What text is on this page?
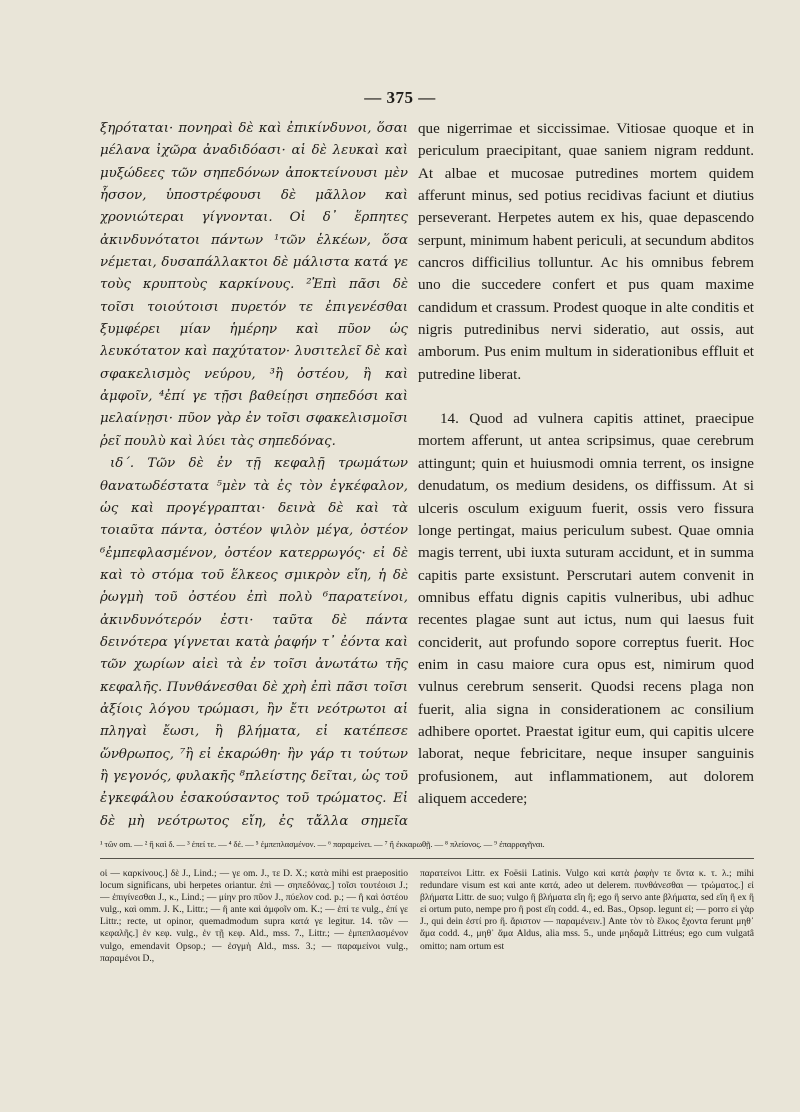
— 375 —

ξηρόταται· πονηραὶ δὲ καὶ ἐπικίνδυνοι, ὅσαι μέλανα ἰχῶρα ἀναδιδόασι· αἱ δὲ λευκαὶ καὶ μυξώδεες τῶν σηπεδόνων ἀποκτείνουσι μὲν ἧσσον, ὑποστρέφουσι δὲ μᾶλλον καὶ χρονιώτεραι γίγνονται. Οἱ δ᾽ ἕρπητες ἀκινδυνότατοι πάντων ¹τῶν ἑλκέων, ὅσα νέμεται, δυσαπάλλακτοι δὲ μάλιστα κατά γε τοὺς κρυπτοὺς καρκίνους. ²Ἐπὶ πᾶσι δὲ τοῖσι τοιούτοισι πυρετόν τε ἐπιγενέσθαι ξυμφέρει μίαν ἡμέρην καὶ πῦον ὡς λευκότατον καὶ παχύτατον· λυσιτελεῖ δὲ καὶ σφακελισμὸς νεύρου, ³ἢ ὀστέου, ἢ καὶ ἀμφοῖν, ⁴ἐπί γε τῇσι βαθείῃσι σηπεδόσι καὶ μελαίνῃσι· πῦον γὰρ ἐν τοῖσι σφακελισμοῖσι ῥεῖ πουλὺ καὶ λύει τὰς σηπεδόνας.

ιδ΄. Τῶν δὲ ἐν τῇ κεφαλῇ τρωμάτων θανατωδέστατα ⁵μὲν τὰ ἐς τὸν ἐγκέφαλον, ὡς καὶ προγέγραπται· δεινὰ δὲ καὶ τὰ τοιαῦτα πάντα, ὀστέον ψιλὸν μέγα, ὀστέον ⁶ἐμπεφλασμένον, ὀστέον κατερρωγός· εἰ δὲ καὶ τὸ στόμα τοῦ ἕλκεος σμικρὸν εἴη, ἡ δὲ ῥωγμὴ τοῦ ὀστέου ἐπὶ πολὺ ⁶παρατείνοι, ἀκινδυνότερόν ἐστι· ταῦτα δὲ πάντα δεινότερα γίγνεται κατὰ ῥαφήν τ᾽ ἐόντα καὶ τῶν χωρίων αἰεὶ τὰ ἐν τοῖσι ἀνωτάτω τῆς κεφαλῆς. Πυνθάνεσθαι δὲ χρὴ ἐπὶ πᾶσι τοῖσι ἀξίοις λόγου τρώμασι, ἢν ἔτι νεότρωτοι αἱ πληγαὶ ἔωσι, ἢ βλήματα, εἰ κατέπεσε ὥνθρωπος, ⁷ἢ εἰ ἐκαρώθη· ἢν γάρ τι τούτων ἢ γεγονός, φυλακῆς ⁸πλείστης δεῖται, ὡς τοῦ ἐγκεφάλου ἐσακούσαντος τοῦ τρώματος. Εἰ δὲ μὴ νεότρωτος εἴη, ἐς τἄλλα σημεῖα

que nigerrimae et siccissimae. Vitiosae quoque et in periculum praecipitant, quae saniem nigram reddunt. At albae et mucosae putredines mortem quidem afferunt minus, sed potius recidivas faciunt et diutius perseverant. Herpetes autem ex his, quae depascendo serpunt, minimum habent periculi, at secundum abditos cancros difficilius tolluntur. Ac his omnibus febrem uno die succedere confert et pus quam maxime candidum et crassum. Prodest quoque in alte conditis et nigris putredinibus nervi sideratio, aut ossis, aut amborum. Pus enim multum in siderationibus effluit et putredine liberat.

14. Quod ad vulnera capitis attinet, praecipue mortem afferunt, ut antea scripsimus, quae cerebrum attingunt; quin et huiusmodi omnia terrent, os insigne denudatum, os medium desidens, os diffissum. At si ulceris osculum exiguum fuerit, ossis vero fissura longe pertingat, maius periculum subest. Quae omnia magis terrent, ubi iuxta suturam accidunt, et in summa capitis parte exsistunt. Perscrutari autem convenit in omnibus effatu dignis capitis vulneribus, ubi adhuc recentes plagae sunt aut ictus, num qui laesus fuit conciderit, aut profundo sopore correptus fuerit. Hoc enim in casu maiore cura opus est, nimirum quod vulnus cerebrum senserit. Quodsi recens plaga non fuerit, alia signa in considerationem ac consilium adhibere oportet. Praestat igitur eum, qui capitis ulcere laborat, neque febricitare, neque insuper sanguinis profusionem, aut inflammationem, aut dolorem aliquem accedere;

¹ τῶν om. — ² ἢ καὶ δ. — ³ ἐπεί τε. — ⁴ δέ. — ⁵ ἐμπεπλασμένον. — ⁶ παραμείνει. — ⁷ ἢ ἐκκαρωθῇ. — ⁸ πλείονος. — ⁹ ἐπαρραγῆναι.

οἱ — καρκίνους.] δὲ J., Lind.; — γε om. J., τε D. X.; κατὰ mihi est praepositio locum significans, ubi herpetes oriantur. ἐπὶ — σηπεδόνας.] τοῖσι τουτέοισι J.; — ἐπιγίνεσθαι J., κ., Lind.; — μίην pro πῦον J., πύελον cod. p.; — ἢ καὶ ὀστέου vulg., καὶ omm. J. K., Littr.; — ἢ ante καὶ ἀμφοῖν om. K.; — ἐπί τε vulg., ἐπί γε Littr.; recte, ut opinor, quemadmodum supra κατά γε legitur. 14. τῶν — κεφαλῆς.] ἐν κεφ. vulg., ἐν τῇ κεφ. Ald., mss. 7., Littr.; — ἐμπεπλασμένον vulgo, emendavit Opsop.; — ἐσγμὴ Ald., mss. 3.; — παραμείνοι vulg., παραμένοι D.,

παρατείνοι Littr. ex Foësii Latinis. Vulgo καὶ κατὰ ῥαφὴν τε ὄντα κ. τ. λ.; mihi redundare visum est καὶ ante κατά, adeo ut delerem. πυνθάνεσθαι — τρώματος.] εἰ βλήματα Littr. de suo; vulgo ἢ βλήματα εἴη ἢ; ego ἢ servo ante βλήματα, sed εἴη ἢ ex ἢ εἰ ortum puto, nempe pro ἢ post εἴη codd. 4., ed. Bas., Opsop. legunt εἰ; — porro εἰ γὰρ J., qui dein ἐστί pro ἢ. ἄριστον — παραμένειν.] Ante τὸν τὸ ἕλκος ἔχοντα ferunt μηθ᾽ ἅμα codd. 4., μηθ᾽ ἅμα Aldus, alia mss. 5., unde μηδαμᾶ Littréus; ego cum vulgatâ omitto; nam ortum est
